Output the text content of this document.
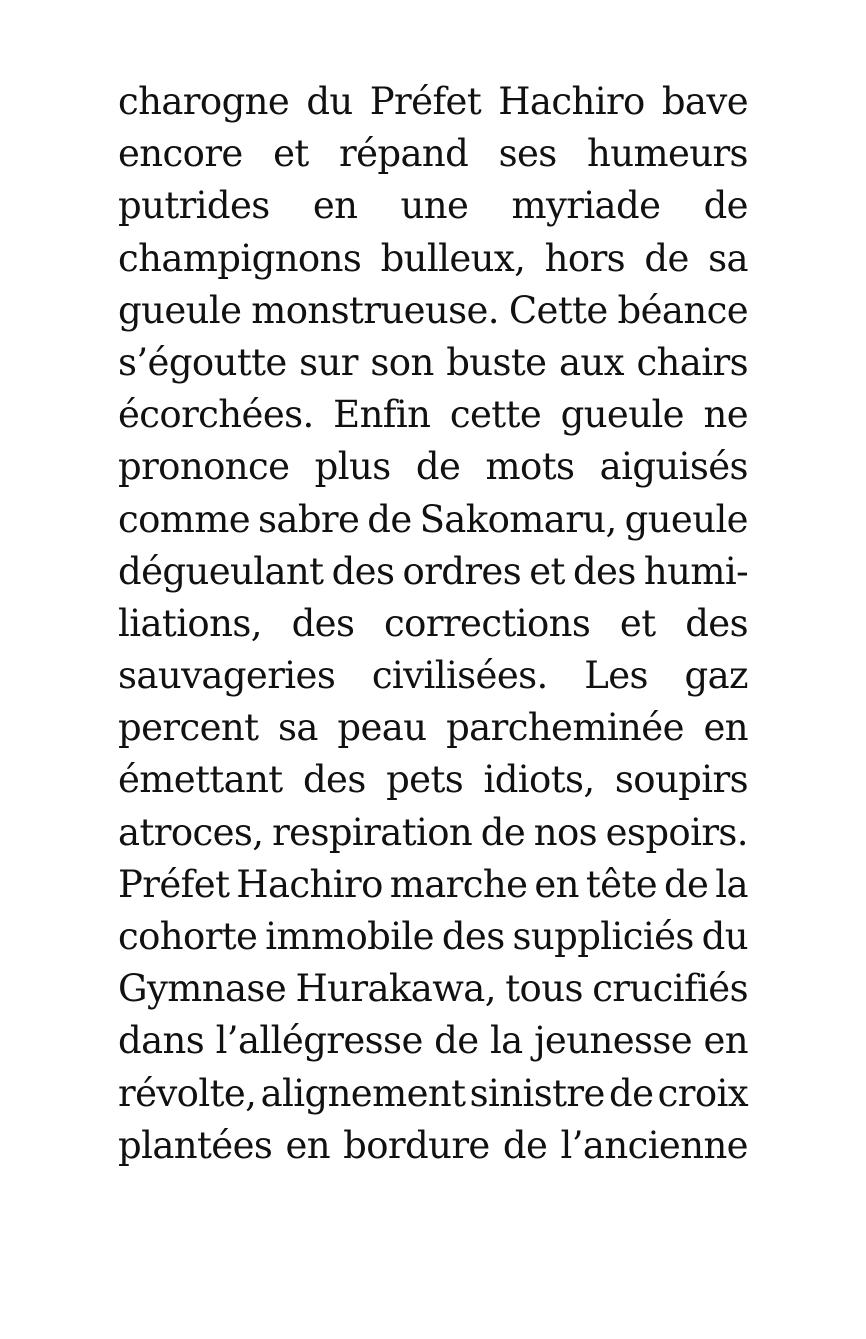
charogne du Préfet Hachiro bave
encore et répand ses humeurs
putrides en une myriade de
champignons bulleux, hors de sa
gueule monstrueuse. Cette béance
s’égoutte sur son buste aux chairs
écorchées. Enfin cette gueule ne
prononce plus de mots aiguisés
comme sabre de Sakomaru, gueule
dégueulant des ordres et des humi-
liations, des corrections et des
sauvageries civilisées. Les gaz
percent sa peau parcheminée en
émettant des pets idiots, soupirs
atroces, respiration de nos espoirs.
Préfet Hachiro marche en tête de la
cohorte immobile des suppliciés du
Gymnase Hurakawa, tous crucifiés
dans l’allégresse de la jeunesse en
révolte, alignement sinistre de croix
plantées en bordure de l’ancienne
